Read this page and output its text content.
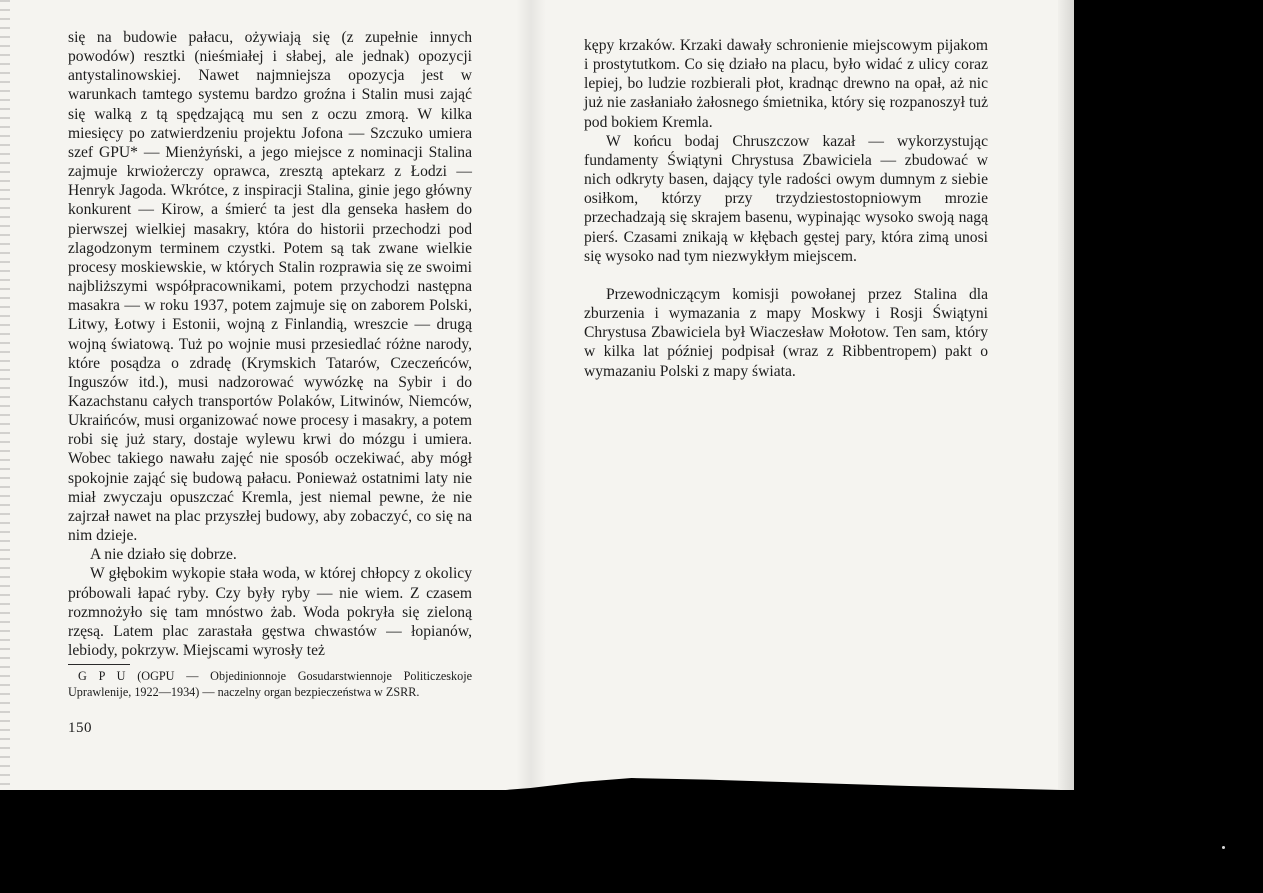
się na budowie pałacu, ożywiają się (z zupełnie innych powodów) resztki (nieśmiałej i słabej, ale jednak) opozycji antystalinowskiej. Nawet najmniejsza opozycja jest w warunkach tamtego systemu bardzo groźna i Stalin musi zająć się walką z tą spędzającą mu sen z oczu zmorą. W kilka miesięcy po zatwierdzeniu projektu Jofona — Szczuko umiera szef GPU* — Mienżyński, a jego miejsce z nominacji Stalina zajmuje krwiożerczy oprawca, zresztą aptekarz z Łodzi — Henryk Jagoda. Wkrótce, z inspiracji Stalina, ginie jego główny konkurent — Kirow, a śmierć ta jest dla genseka hasłem do pierwszej wielkiej masakry, która do historii przechodzi pod zlagodzonym terminem czystki. Potem są tak zwane wielkie procesy moskiewskie, w których Stalin rozprawia się ze swoimi najbliższymi współpracownikami, potem przychodzi następna masakra — w roku 1937, potem zajmuje się on zaborem Polski, Litwy, Łotwy i Estonii, wojną z Finlandią, wreszcie — drugą wojną światową. Tuż po wojnie musi przesiedlać różne narody, które posądza o zdradę (Krymskich Tatarów, Czeczeńców, Inguszów itd.), musi nadzorować wywózkę na Sybir i do Kazachstanu całych transportów Polaków, Litwinów, Niemców, Ukraińców, musi organizować nowe procesy i masakry, a potem robi się już stary, dostaje wylewu krwi do mózgu i umiera. Wobec takiego nawału zajęć nie sposób oczekiwać, aby mógł spokojnie zająć się budową pałacu. Ponieważ ostatnimi laty nie miał zwyczaju opuszczać Kremla, jest niemal pewne, że nie zajrzał nawet na plac przyszłej budowy, aby zobaczyć, co się na nim dzieje.

A nie działo się dobrze.

W głębokim wykopie stała woda, w której chłopcy z okolicy próbowali łapać ryby. Czy były ryby — nie wiem. Z czasem rozmnożyło się tam mnóstwo żab. Woda pokryła się zieloną rzęsą. Latem plac zarastała gęstwa chwastów — łopianów, lebiody, pokrzyw. Miejscami wyrosły też

G P U (OGPU — Objedinionnoje Gosudarstwiennoje Politiczeskoje Uprawlenije, 1922—1934) — naczelny organ bezpieczeństwa w ZSRR.
150

kępy krzaków. Krzaki dawały schronienie miejscowym pijakom i prostytutkom. Co się działo na placu, było widać z ulicy coraz lepiej, bo ludzie rozbierali płot, kradnąc drewno na opał, aż nic już nie zasłaniało żałosnego śmietnika, który się rozpanoszył tuż pod bokiem Kremla.

W końcu bodaj Chruszczow kazał — wykorzystując fundamenty Świątyni Chrystusa Zbawiciela — zbudować w nich odkryty basen, dający tyle radości owym dumnym z siebie osiłkom, którzy przy trzydziestostopniowym mrozie przechadzają się skrajem basenu, wypinając wysoko swoją nagą pierś. Czasami znikają w kłębach gęstej pary, która zimą unosi się wysoko nad tym niezwykłym miejscem.

Przewodniczącym komisji powołanej przez Stalina dla zburzenia i wymazania z mapy Moskwy i Rosji Świątyni Chrystusa Zbawiciela był Wiaczesław Mołotow. Ten sam, który w kilka lat później podpisał (wraz z Ribbentropem) pakt o wymazaniu Polski z mapy świata.
